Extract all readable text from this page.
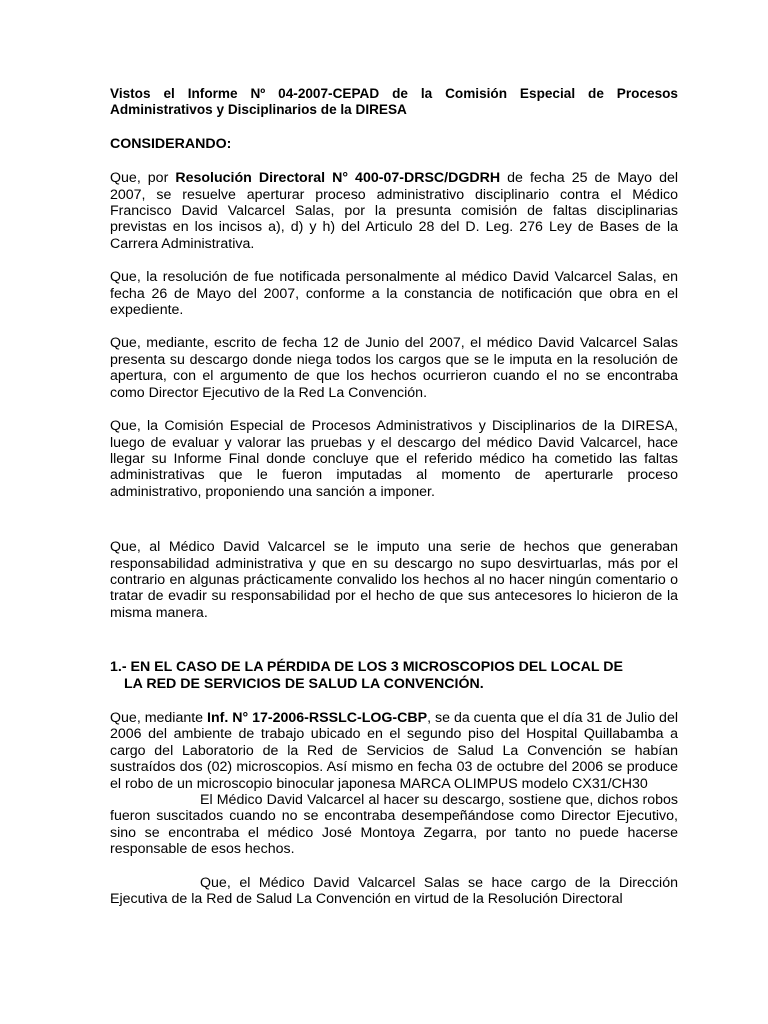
Vistos el Informe Nº 04-2007-CEPAD de la Comisión Especial de Procesos Administrativos y Disciplinarios de la DIRESA
CONSIDERANDO:

Que, por Resolución Directoral N° 400-07-DRSC/DGDRH de fecha 25 de Mayo del 2007, se resuelve aperturar proceso administrativo disciplinario contra el Médico Francisco David Valcarcel Salas, por la presunta comisión de faltas disciplinarias previstas en los incisos a), d) y h) del Articulo 28 del D. Leg. 276 Ley de Bases de la Carrera Administrativa.

Que, la resolución de fue notificada personalmente al médico David Valcarcel Salas, en fecha 26 de Mayo del 2007, conforme a la constancia de notificación que obra en el expediente.

Que, mediante, escrito de fecha 12 de Junio del 2007, el médico David Valcarcel Salas presenta su descargo donde niega todos los cargos que se le imputa en la resolución de apertura, con el argumento de que los hechos ocurrieron cuando el no se encontraba como Director Ejecutivo de la Red La Convención.

Que, la Comisión Especial de Procesos Administrativos y Disciplinarios de la DIRESA, luego de evaluar y valorar las pruebas y el descargo del médico David Valcarcel, hace llegar su Informe Final donde concluye que el referido médico ha cometido las faltas administrativas que le fueron imputadas al momento de aperturarle proceso administrativo, proponiendo una sanción a imponer.

Que, al Médico David Valcarcel se le imputo una serie de hechos que generaban responsabilidad administrativa y que en su descargo no supo desvirtuarlas, más por el contrario en algunas prácticamente convalido los hechos al no hacer ningún comentario o tratar de evadir su responsabilidad por el hecho de que sus antecesores lo hicieron de la misma manera.

1.- EN EL CASO DE LA PÉRDIDA DE LOS 3 MICROSCOPIOS DEL LOCAL DE
LA RED DE SERVICIOS DE SALUD LA CONVENCIÓN.

Que, mediante Inf. N° 17-2006-RSSLC-LOG-CBP, se da cuenta que el día 31 de Julio del 2006 del ambiente de trabajo ubicado en el segundo piso del Hospital Quillabamba a cargo del Laboratorio de la Red de Servicios de Salud La Convención se habían sustraídos dos (02) microscopios. Así mismo en fecha 03 de octubre del 2006 se produce el robo de un microscopio binocular japonesa MARCA OLIMPUS modelo CX31/CH30

El Médico David Valcarcel al hacer su descargo, sostiene que, dichos robos fueron suscitados cuando no se encontraba desempeñándose como Director Ejecutivo, sino se encontraba el médico José Montoya Zegarra, por tanto no puede hacerse responsable de esos hechos.

Que, el Médico David Valcarcel Salas se hace cargo de la Dirección Ejecutiva de la Red de Salud La Convención en virtud de la Resolución Directoral
